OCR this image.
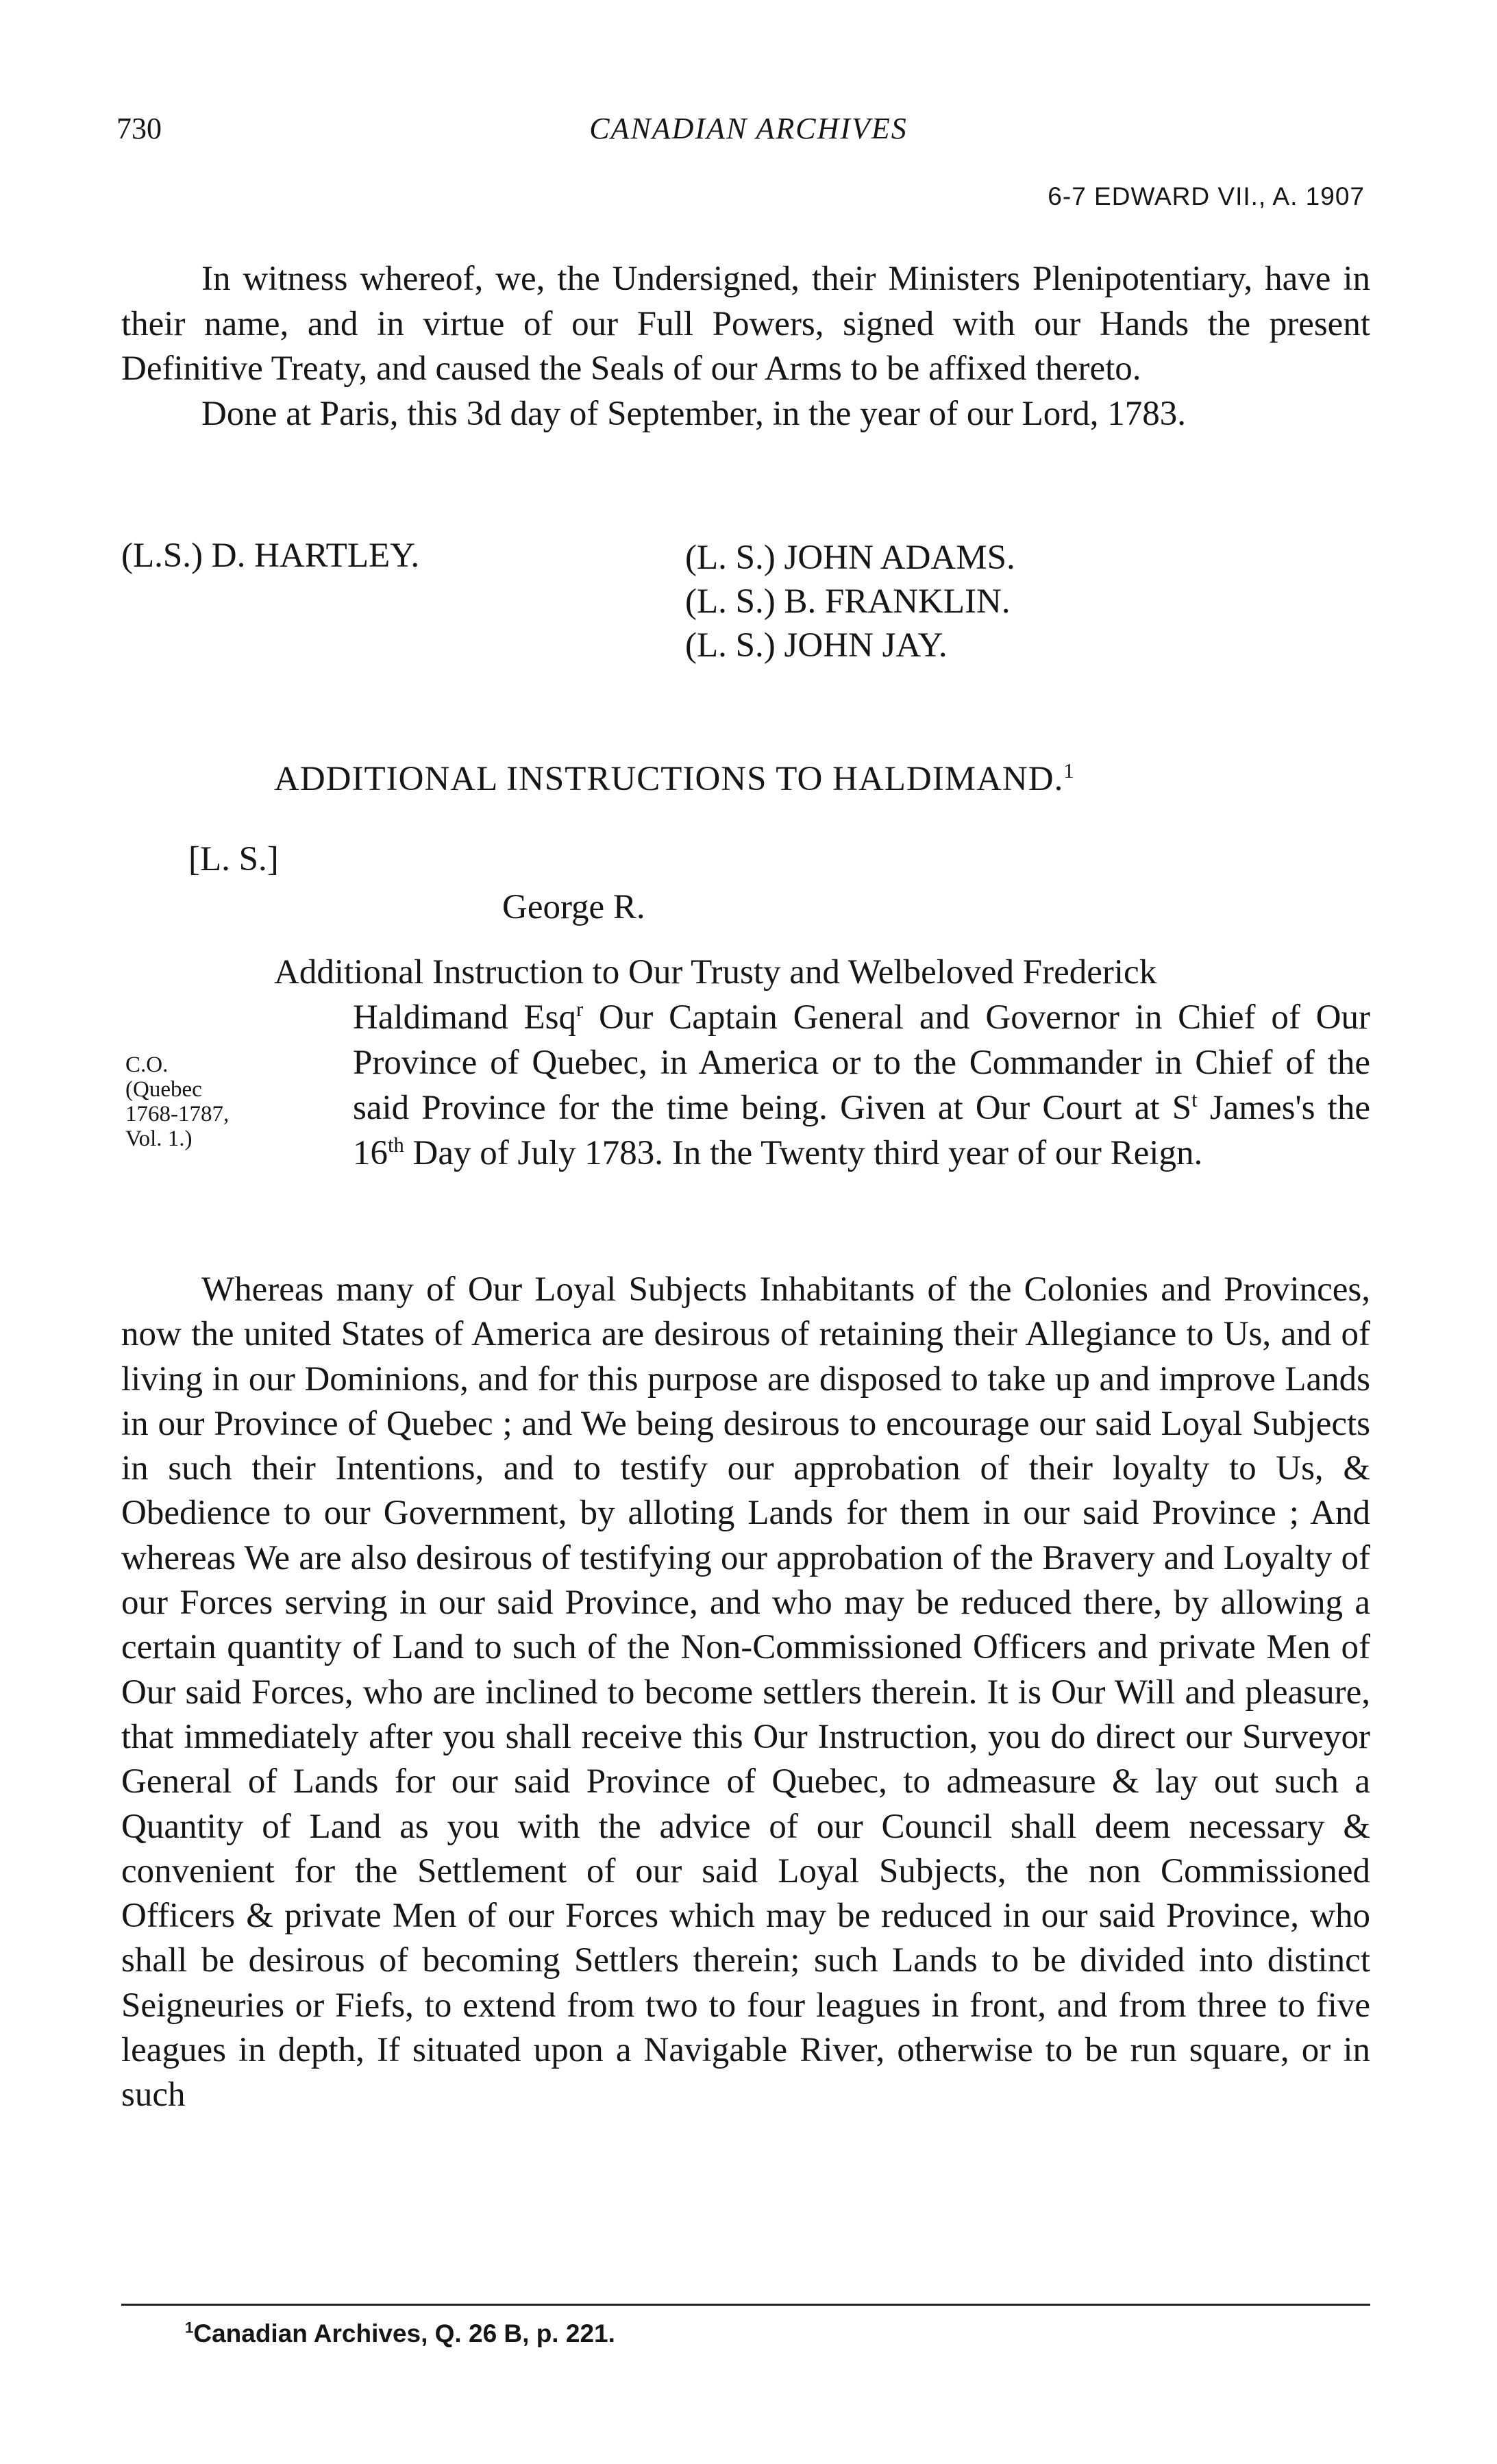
730	CANADIAN ARCHIVES
6-7 EDWARD VII., A. 1907

In witness whereof, we, the Undersigned, their Ministers Plenipotentiary, have in their name, and in virtue of our Full Powers, signed with our Hands the present Definitive Treaty, and caused the Seals of our Arms to be affixed thereto.

Done at Paris, this 3d day of September, in the year of our Lord, 1783.

(L.S.) D. HARTLEY.	(L. S.) JOHN ADAMS.
(L. S.) B. FRANKLIN.
(L. S.) JOHN JAY.
ADDITIONAL INSTRUCTIONS TO HALDIMAND.$^1$
[L. S.]
George R.
Additional Instruction to Our Trusty and Welbeloved Frederick
Haldimand Esq$^r$ Our Captain General and Governor in Chief of Our Province of Quebec, in America or to the Commander in Chief of the said Province for the time being. Given at Our Court at $S^t$ James's the 16th Day of July 1783. In the Twenty third year of our Reign.
C.O.
(Quebec
1768-1787,
Vol. 1.)

Whereas many of Our Loyal Subjects Inhabitants of the Colonies and Provinces, now the united States of America are desirous of retaining their Allegiance to Us, and of living in our Dominions, and for this purpose are disposed to take up and improve Lands in our Province of Quebec ; and We being desirous to encourage our said Loyal Subjects in such their Intentions, and to testify our approbation of their loyalty to Us, & Obedience to our Government, by alloting Lands for them in our said Province ; And whereas We are also desirous of testifying our approbation of the Bravery and Loyalty of our Forces serving in our said Province, and who may be reduced there, by allowing a certain quantity of Land to such of the Non-Commissioned Officers and private Men of Our said Forces, who are inclined to become settlers therein. It is Our Will and pleasure, that immediately after you shall receive this Our Instruction, you do direct our Surveyor General of Lands for our said Province of Quebec, to admeasure & lay out such a Quantity of Land as you with the advice of our Council shall deem necessary & convenient for the Settlement of our said Loyal Subjects, the non Commissioned Officers & private Men of our Forces which may be reduced in our said Province, who shall be desirous of becoming Settlers therein; such Lands to be divided into distinct Seigneuries or Fiefs, to extend from two to four leagues in front, and from three to five leagues in depth, If situated upon a Navigable River, otherwise to be run square, or in such

$^1$Canadian Archives, Q. 26 B, p. 221.
